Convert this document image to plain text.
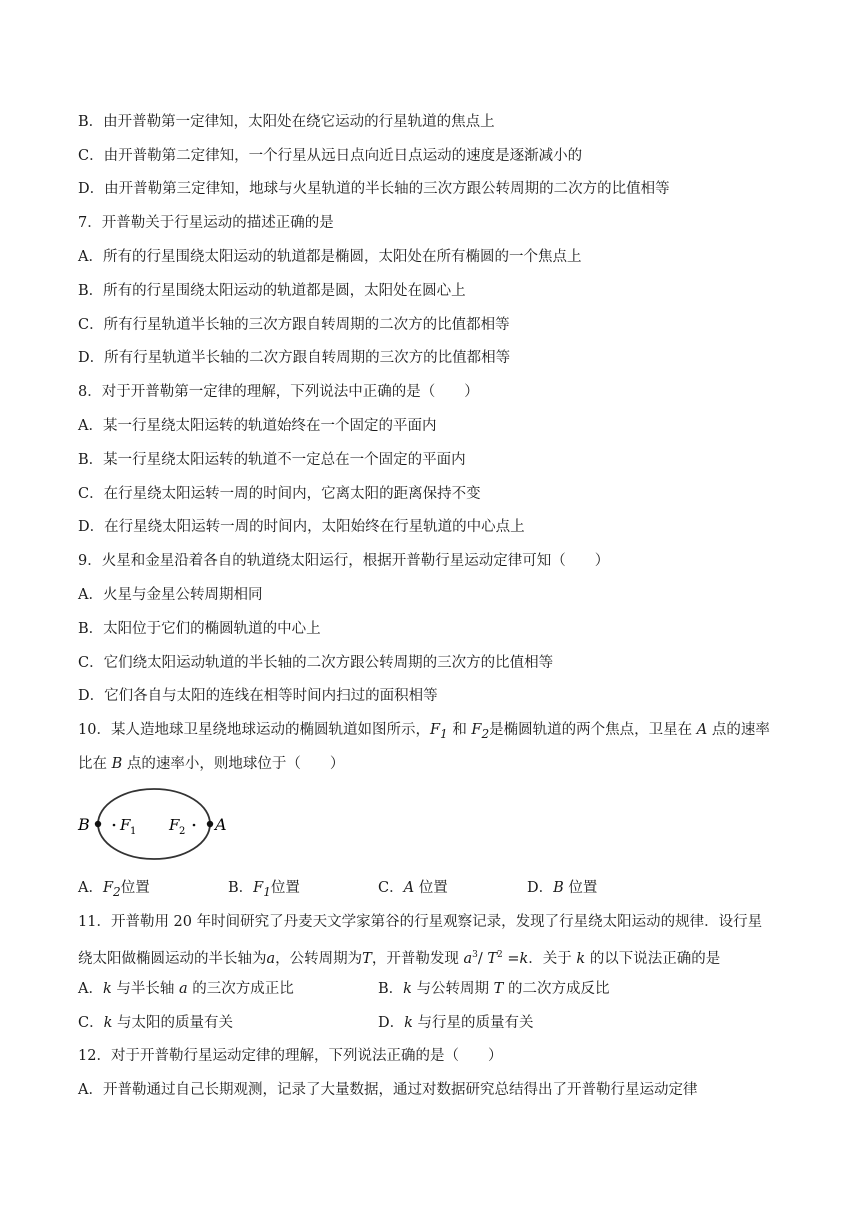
B．由开普勒第一定律知，太阳处在绕它运动的行星轨道的焦点上
C．由开普勒第二定律知，一个行星从远日点向近日点运动的速度是逐渐减小的
D．由开普勒第三定律知，地球与火星轨道的半长轴的三次方跟公转周期的二次方的比值相等
7．开普勒关于行星运动的描述正确的是
A．所有的行星围绕太阳运动的轨道都是椭圆，太阳处在所有椭圆的一个焦点上
B．所有的行星围绕太阳运动的轨道都是圆，太阳处在圆心上
C．所有行星轨道半长轴的三次方跟自转周期的二次方的比值都相等
D．所有行星轨道半长轴的二次方跟自转周期的三次方的比值都相等
8．对于开普勒第一定律的理解，下列说法中正确的是（　　）
A．某一行星绕太阳运转的轨道始终在一个固定的平面内
B．某一行星绕太阳运转的轨道不一定总在一个固定的平面内
C．在行星绕太阳运转一周的时间内，它离太阳的距离保持不变
D．在行星绕太阳运转一周的时间内，太阳始终在行星轨道的中心点上
9．火星和金星沿着各自的轨道绕太阳运行，根据开普勒行星运动定律可知（　　）
A．火星与金星公转周期相同
B．太阳位于它们的椭圆轨道的中心上
C．它们绕太阳运动轨道的半长轴的二次方跟公转周期的三次方的比值相等
D．它们各自与太阳的连线在相等时间内扫过的面积相等
10．某人造地球卫星绕地球运动的椭圆轨道如图所示，$F_1$ 和 $F_2$是椭圆轨道的两个焦点，卫星在 A 点的速率
比在 B 点的速率小，则地球位于（　　）
B F 1 F 2 A
A．$F_2$位置	B．$F_1$位置	C．A 位置	D．B 位置
11．开普勒用 20 年时间研究了丹麦天文学家第谷的行星观察记录，发现了行星绕太阳运动的规律．设行星
绕太阳做椭圆运动的半长轴为a，公转周期为T，开普勒发现 $a^3/$ $T^2 =k$．关于 k 的以下说法正确的是
A．k 与半长轴 a 的三次方成正比	B．k 与公转周期 T 的二次方成反比
C．k 与太阳的质量有关	D．k 与行星的质量有关
12．对于开普勒行星运动定律的理解，下列说法正确的是（　　）
A．开普勒通过自己长期观测，记录了大量数据，通过对数据研究总结得出了开普勒行星运动定律
